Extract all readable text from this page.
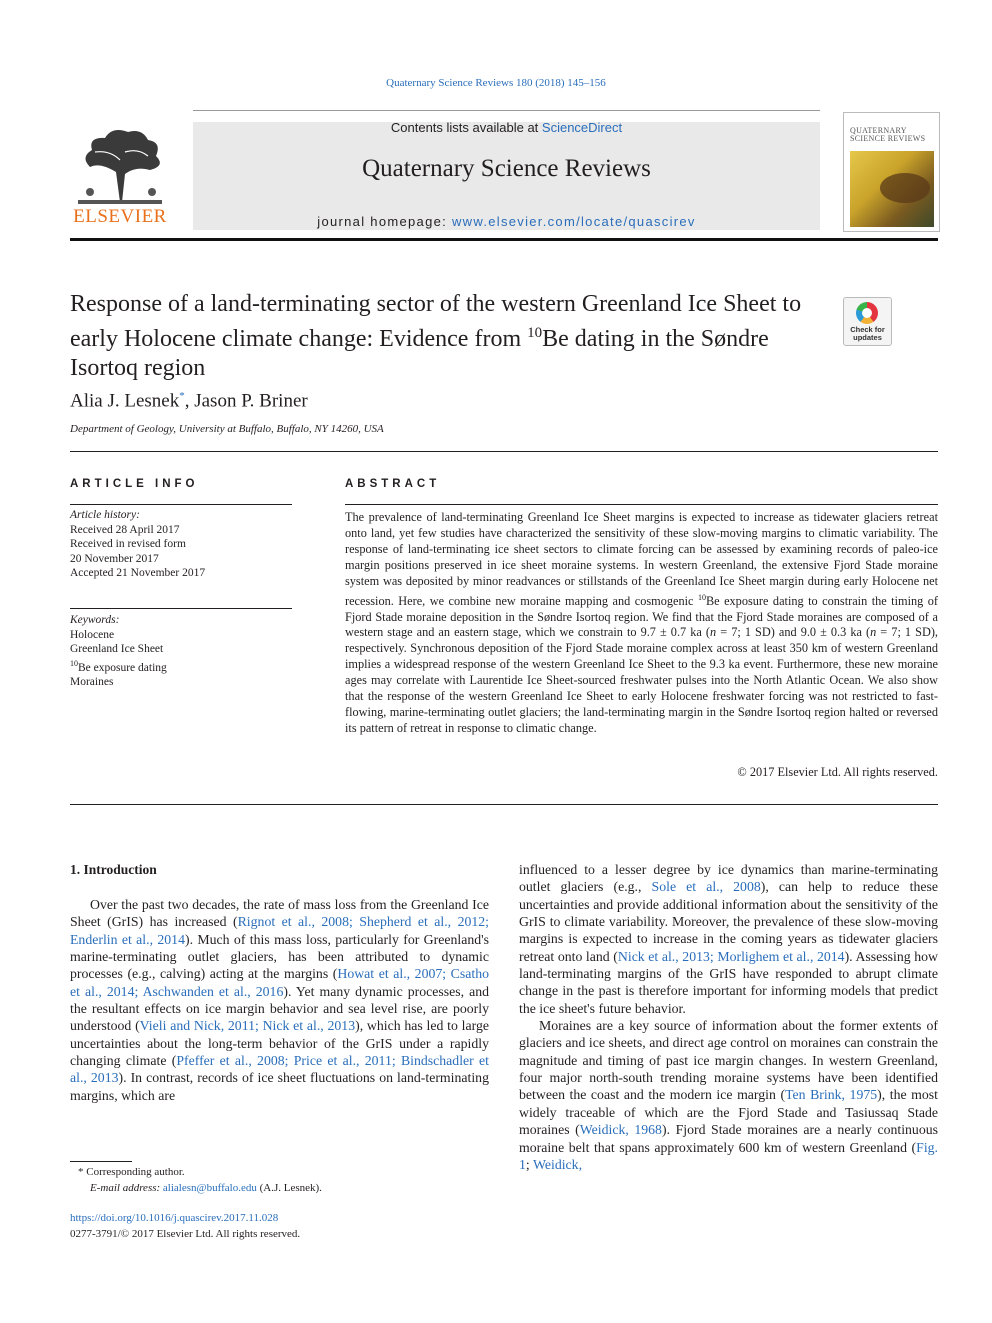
Quaternary Science Reviews 180 (2018) 145–156
ELSEVIER
Contents lists available at ScienceDirect
Quaternary Science Reviews
journal homepage: www.elsevier.com/locate/quascirev
QUATERNARY SCIENCE REVIEWS
Response of a land-terminating sector of the western Greenland Ice Sheet to early Holocene climate change: Evidence from $^{10}$Be dating in the Søndre Isortoq region
Check for
updates
Alia J. Lesnek*, Jason P. Briner
Department of Geology, University at Buffalo, Buffalo, NY 14260, USA
ARTICLE INFO
Article history:
Received 28 April 2017
Received in revised form
20 November 2017
Accepted 21 November 2017
Keywords:
Holocene
Greenland Ice Sheet
$^{10}$Be exposure dating
Moraines
ABSTRACT
The prevalence of land-terminating Greenland Ice Sheet margins is expected to increase as tidewater glaciers retreat onto land, yet few studies have characterized the sensitivity of these slow-moving margins to climatic variability. The response of land-terminating ice sheet sectors to climate forcing can be assessed by examining records of paleo-ice margin positions preserved in ice sheet moraine systems. In western Greenland, the extensive Fjord Stade moraine system was deposited by minor readvances or stillstands of the Greenland Ice Sheet margin during early Holocene net recession. Here, we combine new moraine mapping and cosmogenic $^{10}$Be exposure dating to constrain the timing of Fjord Stade moraine deposition in the Søndre Isortoq region. We find that the Fjord Stade moraines are composed of a western stage and an eastern stage, which we constrain to 9.7 ± 0.7 ka (n = 7; 1 SD) and 9.0 ± 0.3 ka (n = 7; 1 SD), respectively. Synchronous deposition of the Fjord Stade moraine complex across at least 350 km of western Greenland implies a widespread response of the western Greenland Ice Sheet to the 9.3 ka event. Furthermore, these new moraine ages may correlate with Laurentide Ice Sheet-sourced freshwater pulses into the North Atlantic Ocean. We also show that the response of the western Greenland Ice Sheet to early Holocene freshwater forcing was not restricted to fast-flowing, marine-terminating outlet glaciers; the land-terminating margin in the Søndre Isortoq region halted or reversed its pattern of retreat in response to climatic change.
© 2017 Elsevier Ltd. All rights reserved.
1. Introduction

Over the past two decades, the rate of mass loss from the Greenland Ice Sheet (GrIS) has increased (Rignot et al., 2008; Shepherd et al., 2012; Enderlin et al., 2014). Much of this mass loss, particularly for Greenland's marine-terminating outlet glaciers, has been attributed to dynamic processes (e.g., calving) acting at the margins (Howat et al., 2007; Csatho et al., 2014; Aschwanden et al., 2016). Yet many dynamic processes, and the resultant effects on ice margin behavior and sea level rise, are poorly understood (Vieli and Nick, 2011; Nick et al., 2013), which has led to large uncertainties about the long-term behavior of the GrIS under a rapidly changing climate (Pfeffer et al., 2008; Price et al., 2011; Bindschadler et al., 2013). In contrast, records of ice sheet fluctuations on land-terminating margins, which are

influenced to a lesser degree by ice dynamics than marine-terminating outlet glaciers (e.g., Sole et al., 2008), can help to reduce these uncertainties and provide additional information about the sensitivity of the GrIS to climate variability. Moreover, the prevalence of these slow-moving margins is expected to increase in the coming years as tidewater glaciers retreat onto land (Nick et al., 2013; Morlighem et al., 2014). Assessing how land-terminating margins of the GrIS have responded to abrupt climate change in the past is therefore important for informing models that predict the ice sheet's future behavior.

Moraines are a key source of information about the former extents of glaciers and ice sheets, and direct age control on moraines can constrain the magnitude and timing of past ice margin changes. In western Greenland, four major north-south trending moraine systems have been identified between the coast and the modern ice margin (Ten Brink, 1975), the most widely traceable of which are the Fjord Stade and Tasiussaq Stade moraines (Weidick, 1968). Fjord Stade moraines are a nearly continuous moraine belt that spans approximately 600 km of western Greenland (Fig. 1; Weidick,

* Corresponding author.
E-mail address: alialesn@buffalo.edu (A.J. Lesnek).
https://doi.org/10.1016/j.quascirev.2017.11.028
0277-3791/© 2017 Elsevier Ltd. All rights reserved.
